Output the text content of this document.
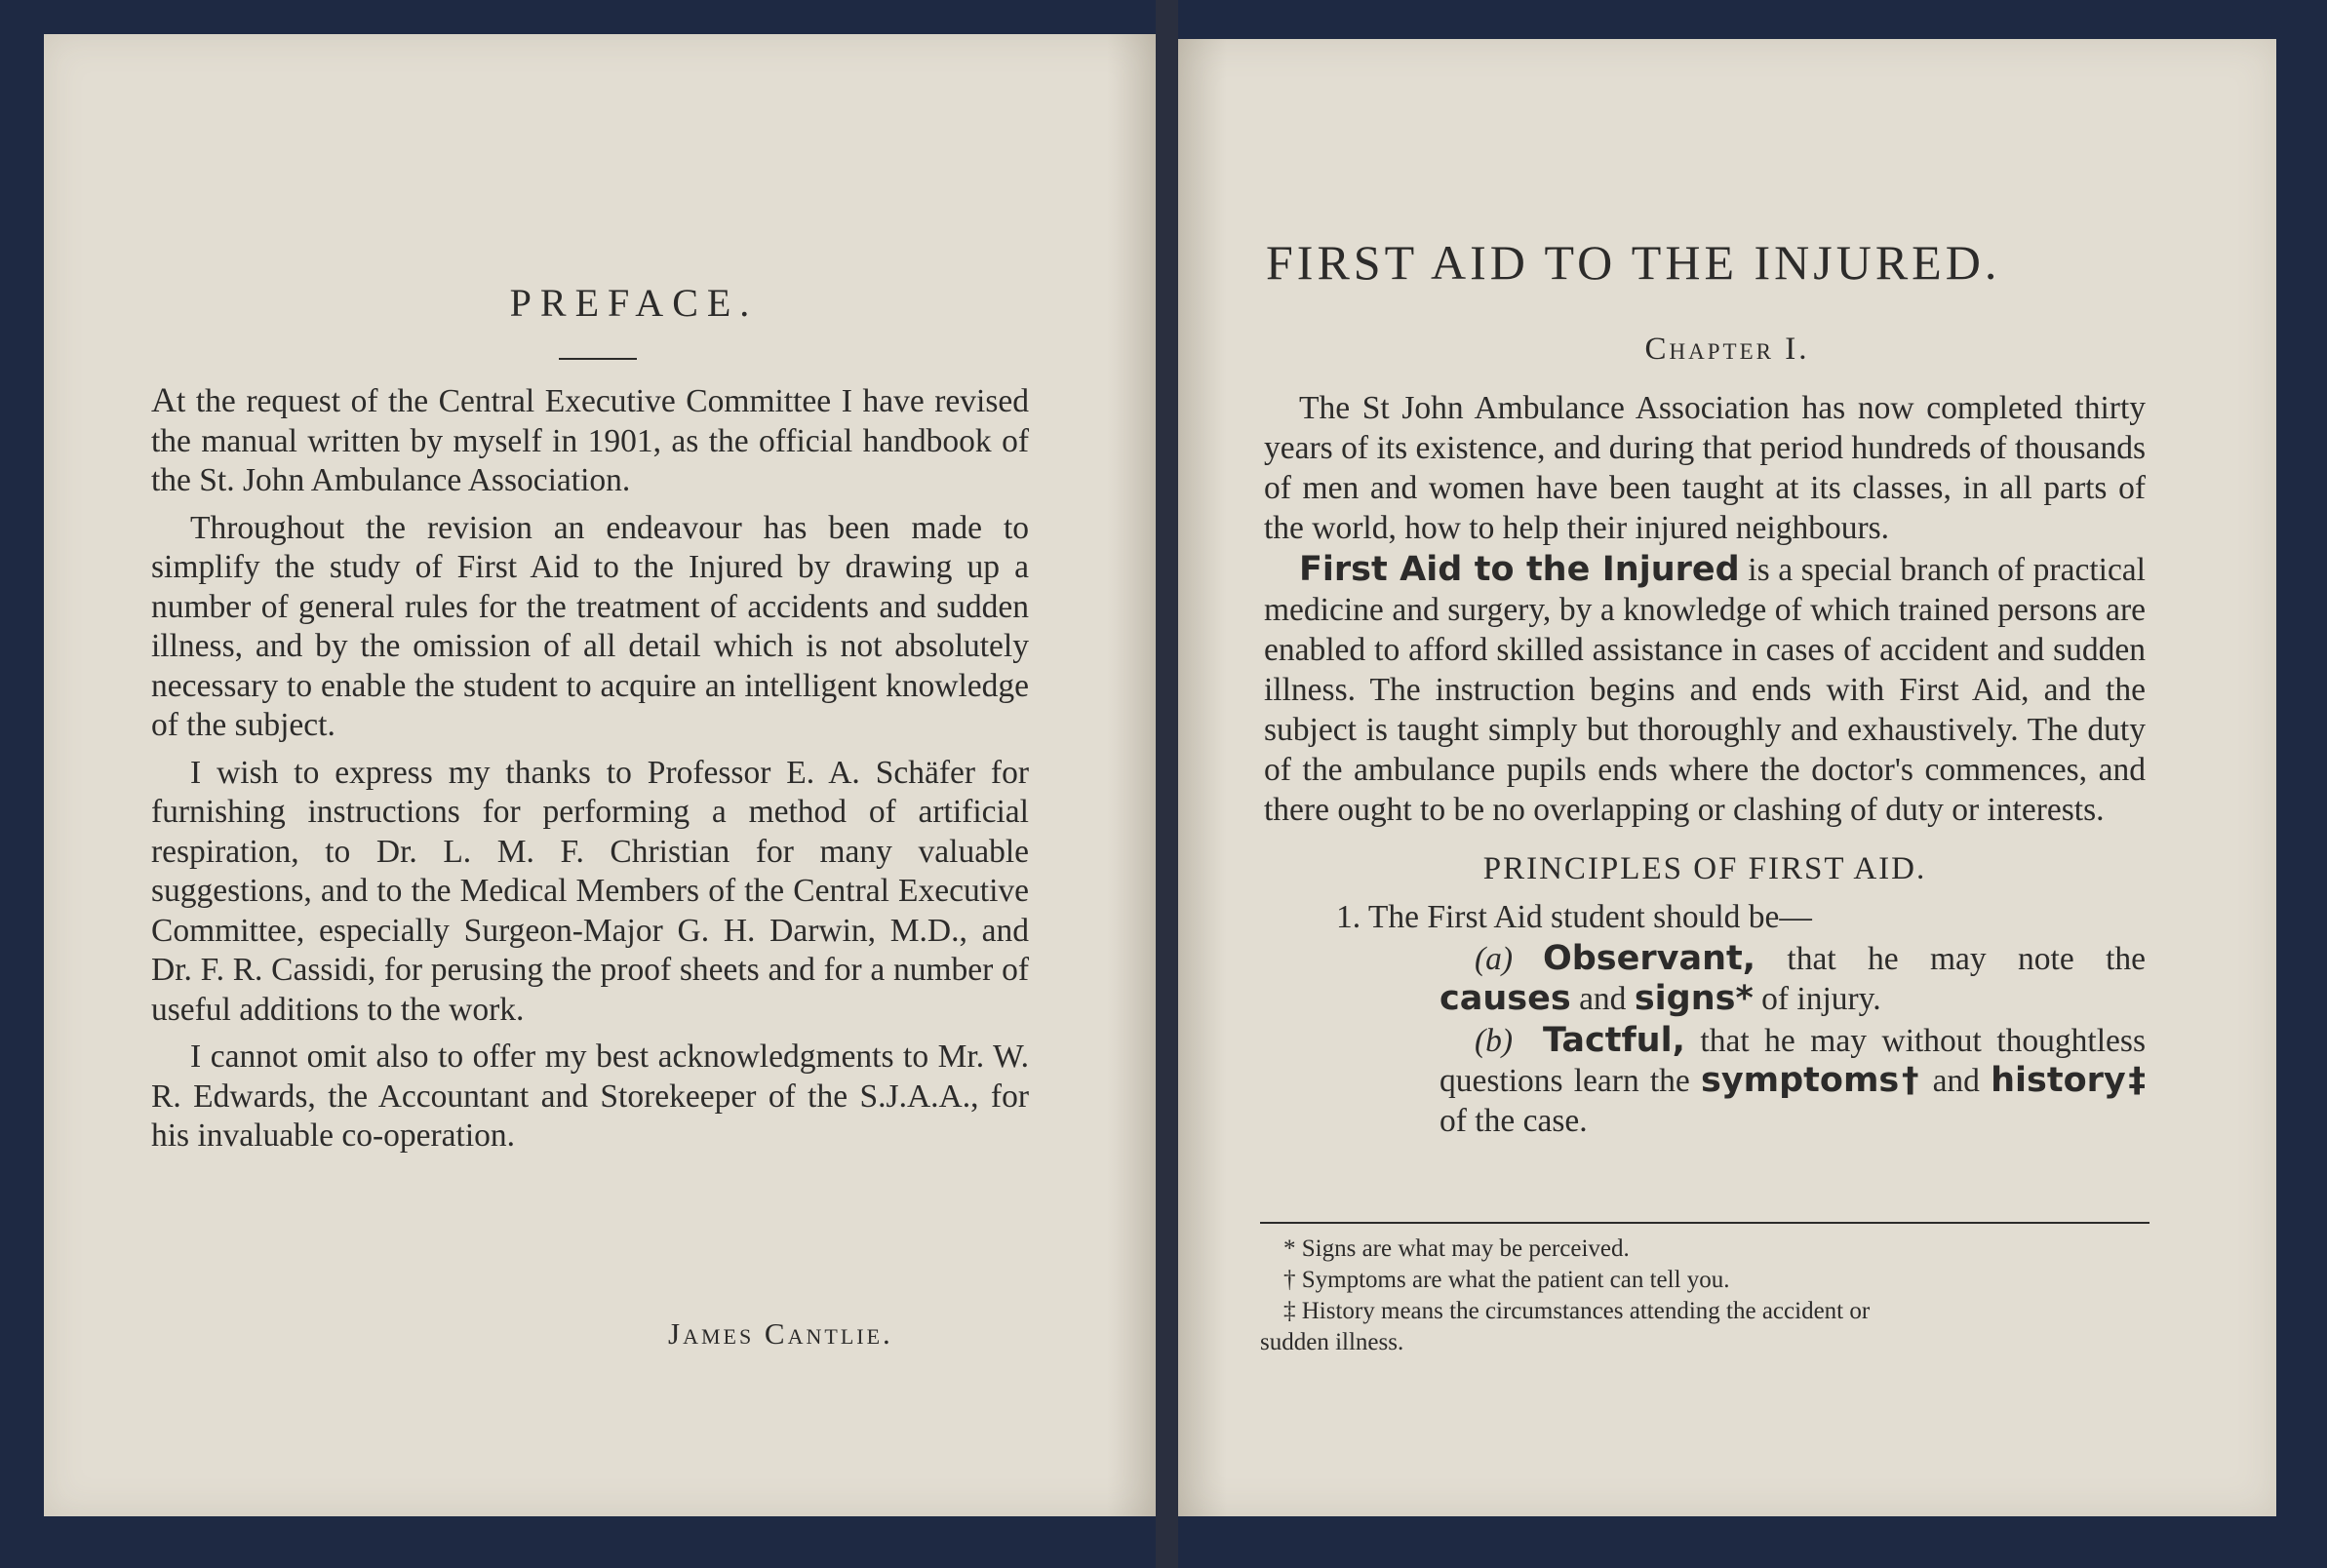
PREFACE.

At the request of the Central Executive Committee I have revised the manual written by myself in 1901, as the official handbook of the St. John Ambulance Association.

Throughout the revision an endeavour has been made to simplify the study of First Aid to the Injured by drawing up a number of general rules for the treatment of accidents and sudden illness, and by the omission of all detail which is not absolutely necessary to enable the student to acquire an intelligent knowledge of the subject.

I wish to express my thanks to Professor E. A. Schäfer for furnishing instructions for performing a method of artificial respiration, to Dr. L. M. F. Christian for many valuable suggestions, and to the Medical Members of the Central Executive Committee, especially Surgeon-Major G. H. Darwin, M.D., and Dr. F. R. Cassidi, for perusing the proof sheets and for a number of useful additions to the work.

I cannot omit also to offer my best acknowledgments to Mr. W. R. Edwards, the Accountant and Storekeeper of the S.J.A.A., for his invaluable co-operation.

James Cantlie.
FIRST AID TO THE INJURED.
Chapter I.

The St John Ambulance Association has now completed thirty years of its existence, and during that period hundreds of thousands of men and women have been taught at its classes, in all parts of the world, how to help their injured neighbours.

First Aid to the Injured is a special branch of practical medicine and surgery, by a knowledge of which trained persons are enabled to afford skilled assistance in cases of accident and sudden illness. The instruction begins and ends with First Aid, and the subject is taught simply but thoroughly and exhaustively. The duty of the ambulance pupils ends where the doctor's commences, and there ought to be no overlapping or clashing of duty or interests.

PRINCIPLES OF FIRST AID.

1. The First Aid student should be—

(a) Observant, that he may note the causes and signs* of injury.

(b) Tactful, that he may without thoughtless questions learn the symptoms† and history‡ of the case.

* Signs are what may be perceived.

† Symptoms are what the patient can tell you.

‡ History means the circumstances attending the accident or

sudden illness.
